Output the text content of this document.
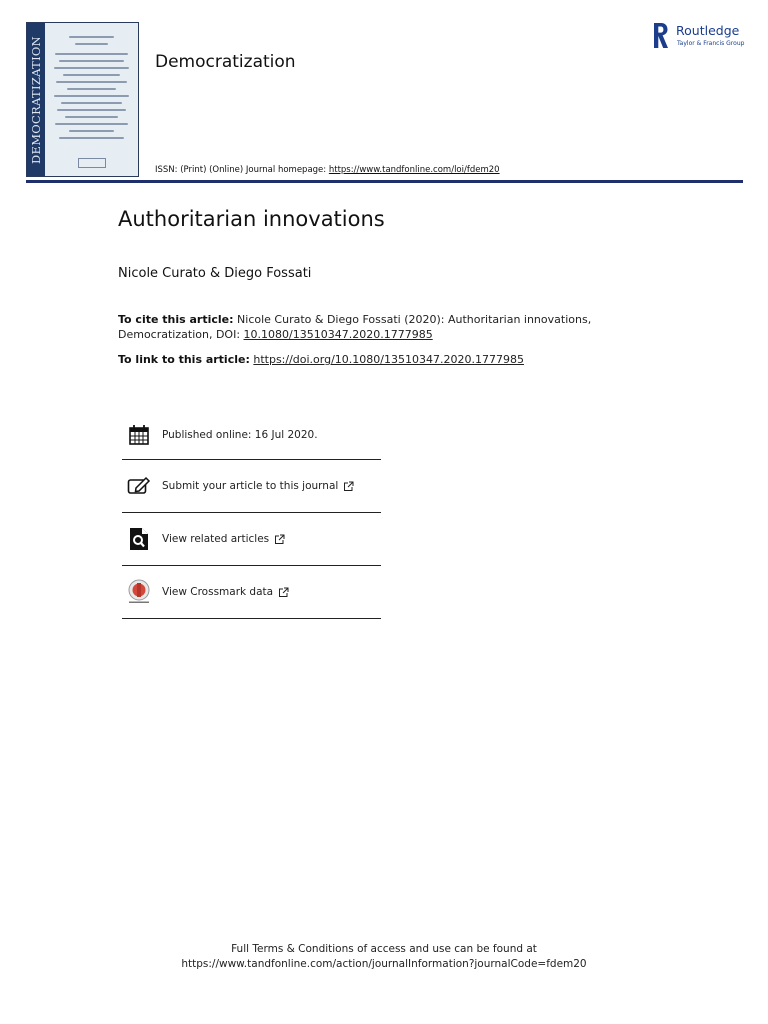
DEMOCRATIZATION	Democratization
ISSN: (Print) (Online) Journal homepage: https://www.tandfonline.com/loi/fdem20
Routledge
Taylor & Francis Group
Authoritarian innovations
Nicole Curato & Diego Fossati
To cite this article: Nicole Curato & Diego Fossati (2020): Authoritarian innovations, Democratization, DOI: 10.1080/13510347.2020.1777985
To link to this article: https://doi.org/10.1080/13510347.2020.1777985
Published online: 16 Jul 2020.
Submit your article to this journal
View related articles
View Crossmark data
Full Terms & Conditions of access and use can be found at
https://www.tandfonline.com/action/journalInformation?journalCode=fdem20
